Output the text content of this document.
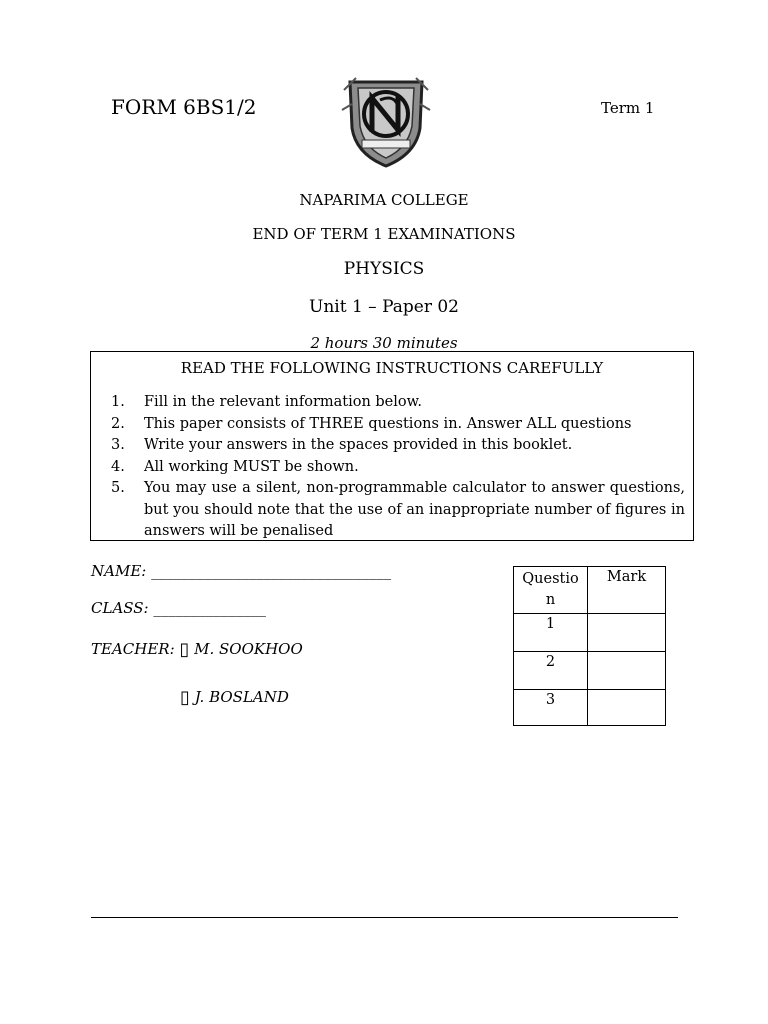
FORM 6BS1/2	Term 1
NAPARIMA COLLEGE
END OF TERM 1 EXAMINATIONS
PHYSICS
Unit 1 – Paper 02
2 hours 30 minutes
READ THE FOLLOWING INSTRUCTIONS CAREFULLY
1.	Fill in the relevant information below.
2.	This paper consists of THREE questions in. Answer ALL questions
3.	Write your answers in the spaces provided in this booklet.
4.	All working MUST be shown.
5.	You may use a silent, non-programmable calculator to answer questions, but you should note that the use of an inappropriate number of figures in answers will be penalised
NAME: ________________________________
CLASS: _______________
TEACHER: ▯ M. SOOKHOO
▯ J. BOSLAND
Questio n	Mark
1	
2	
3	
